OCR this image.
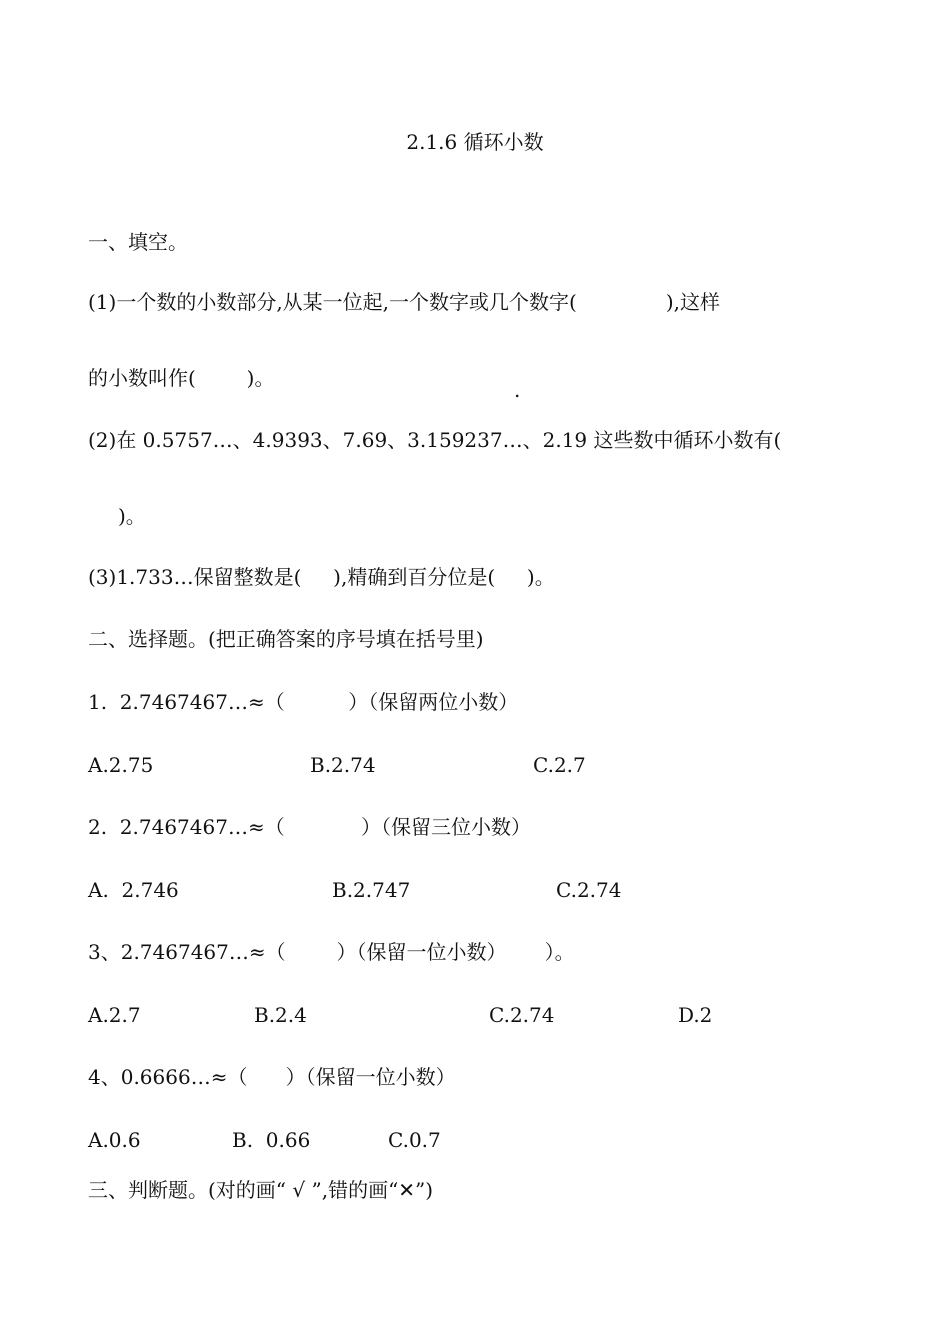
2.1.6 循环小数
一、填空。
(1)一个数的小数部分,从某一位起,一个数字或几个数字(              ),这样
的小数叫作(        )。	.
(2)在 0.5757…、4.9393、7.69、3.159237…、2.19 这些数中循环小数有(
)。
(3)1.733…保留整数是(     ),精确到百分位是(     )。
二、选择题。(把正确答案的序号填在括号里)
1.  2.7467467…≈（          ）（保留两位小数）
A.2.75	B.2.74	C.2.7
2.  2.7467467…≈（            ）（保留三位小数）
A.  2.746	B.2.747	C.2.74
3、2.7467467…≈（        ）（保留一位小数）      ）。
A.2.7	B.2.4	C.2.74	D.2
4、0.6666…≈（      ）（保留一位小数）
A.0.6	B.  0.66	C.0.7
三、判断题。(对的画“ √ ”,错的画“✕”)
